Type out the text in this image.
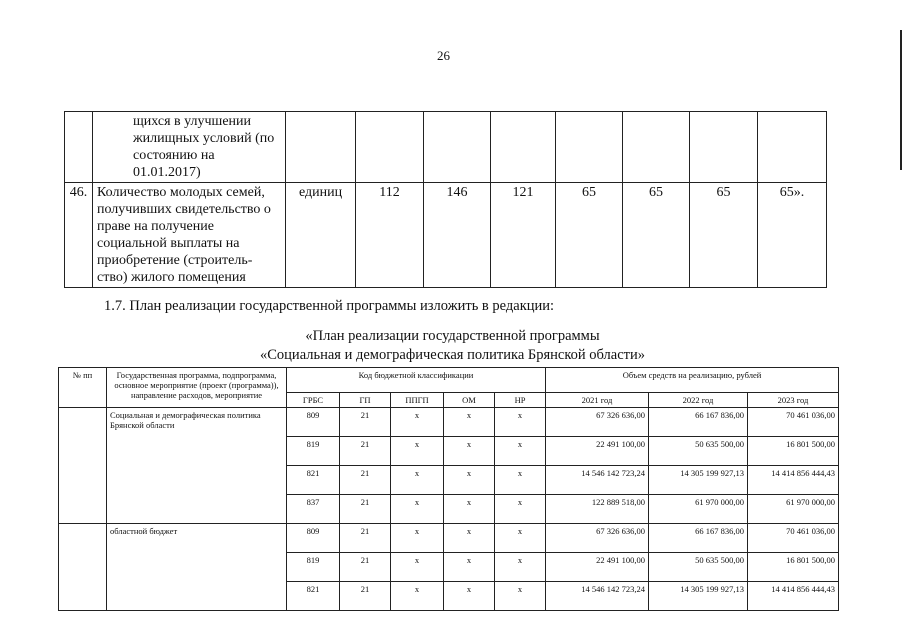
26
	щихся в улучшении жилищных условий (по состоянию на 01.01.2017)								
46.	Количество молодых семей, получивших свидетельство о праве на получение социальной выплаты на приобретение (строитель-ство) жилого помещения	единиц	112	146	121	65	65	65	65».
1.7. План реализации государственной программы изложить в редакции:
«План реализации государственной программы
«Социальная и демографическая политика Брянской области»
№ пп	Государственная программа, подпрограмма, основное мероприятие (проект (программа)), направление расходов, мероприятие	Код бюджетной классификации					Объем средств на реализацию, рублей		
		ГРБС	ГП	ППГП	ОМ	НР	2021 год	2022 год	2023 год
	Социальная и демографическая политика Брянской области	809	21	х	х	х	67 326 636,00	66 167 836,00	70 461 036,00
		819	21	х	х	х	22 491 100,00	50 635 500,00	16 801 500,00
		821	21	х	х	х	14 546 142 723,24	14 305 199 927,13	14 414 856 444,43
		837	21	х	х	х	122 889 518,00	61 970 000,00	61 970 000,00
	областной бюджет	809	21	х	х	х	67 326 636,00	66 167 836,00	70 461 036,00
		819	21	х	х	х	22 491 100,00	50 635 500,00	16 801 500,00
		821	21	х	х	х	14 546 142 723,24	14 305 199 927,13	14 414 856 444,43
